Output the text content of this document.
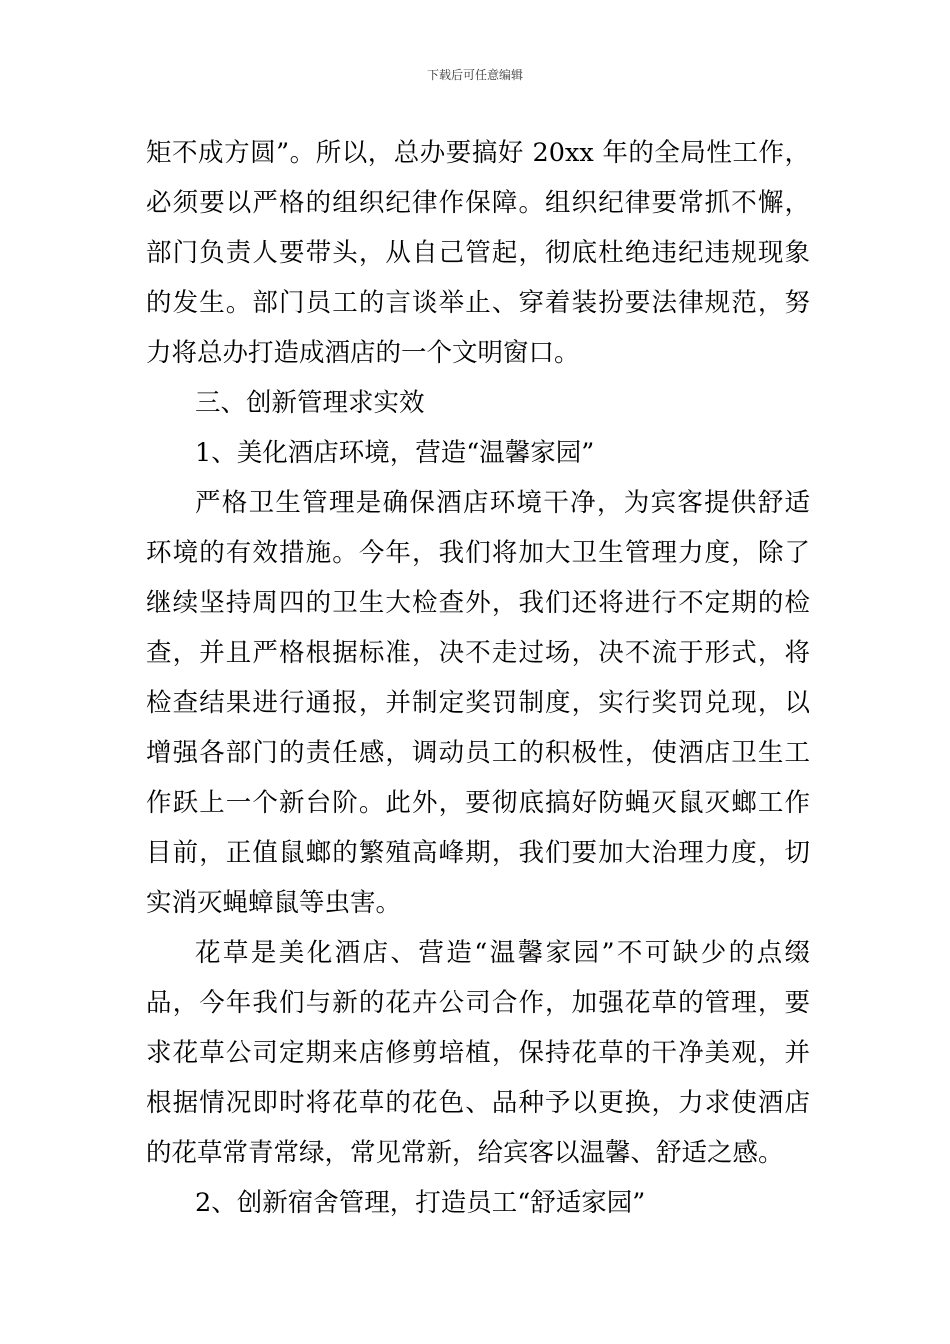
下载后可任意编辑
矩不成方圆”。所以，总办要搞好 20xx 年的全局性工作，
必须要以严格的组织纪律作保障。组织纪律要常抓不懈，
部门负责人要带头，从自己管起，彻底杜绝违纪违规现象
的发生。部门员工的言谈举止、穿着装扮要法律规范，努
力将总办打造成酒店的一个文明窗口。
三、创新管理求实效
1、美化酒店环境，营造“温馨家园”
严格卫生管理是确保酒店环境干净，为宾客提供舒适
环境的有效措施。今年，我们将加大卫生管理力度，除了
继续坚持周四的卫生大检查外，我们还将进行不定期的检
查，并且严格根据标准，决不走过场，决不流于形式，将
检查结果进行通报，并制定奖罚制度，实行奖罚兑现，以
增强各部门的责任感，调动员工的积极性，使酒店卫生工
作跃上一个新台阶。此外，要彻底搞好防蝇灭鼠灭螂工作
目前，正值鼠螂的繁殖高峰期，我们要加大治理力度，切
实消灭蝇蟑鼠等虫害。
花草是美化酒店、营造“温馨家园”不可缺少的点缀
品，今年我们与新的花卉公司合作，加强花草的管理，要
求花草公司定期来店修剪培植，保持花草的干净美观，并
根据情况即时将花草的花色、品种予以更换，力求使酒店
的花草常青常绿，常见常新，给宾客以温馨、舒适之感。
2、创新宿舍管理，打造员工“舒适家园”
